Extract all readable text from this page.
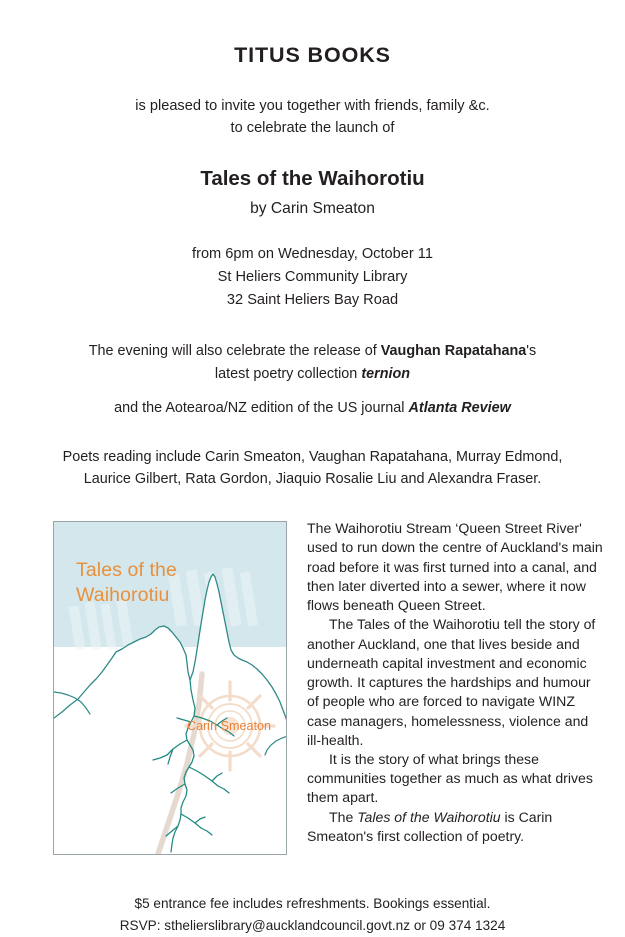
TITUS BOOKS
is pleased to invite you together with friends, family &c.
to celebrate the launch of
Tales of the Waihorotiu
by Carin Smeaton
from 6pm on Wednesday, October 11
St Heliers Community Library
32 Saint Heliers Bay Road
The evening will also celebrate the release of Vaughan Rapatahana's
latest poetry collection ternion
and the Aotearoa/NZ edition of the US journal Atlanta Review
Poets reading include Carin Smeaton, Vaughan Rapatahana, Murray Edmond,
Laurice Gilbert, Rata Gordon, Jiaquio Rosalie Liu and Alexandra Fraser.
Tales of the
Waihorotiu
Carin Smeaton

The Waihorotiu Stream ‘Queen Street River' used to run down the centre of Auckland's main road before it was first turned into a canal, and then later diverted into a sewer, where it now flows beneath Queen Street.

The Tales of the Waihorotiu tell the story of another Auckland, one that lives beside and underneath capital investment and economic growth. It captures the hardships and humour of people who are forced to navigate WINZ case managers, homelessness, violence and ill-health.

It is the story of what brings these communities together as much as what drives them apart.

The Tales of the Waihorotiu is Carin Smeaton's first collection of poetry.

$5 entrance fee includes refreshments. Bookings essential.
RSVP: sthelierslibrary@aucklandcouncil.govt.nz or 09 374 1324
